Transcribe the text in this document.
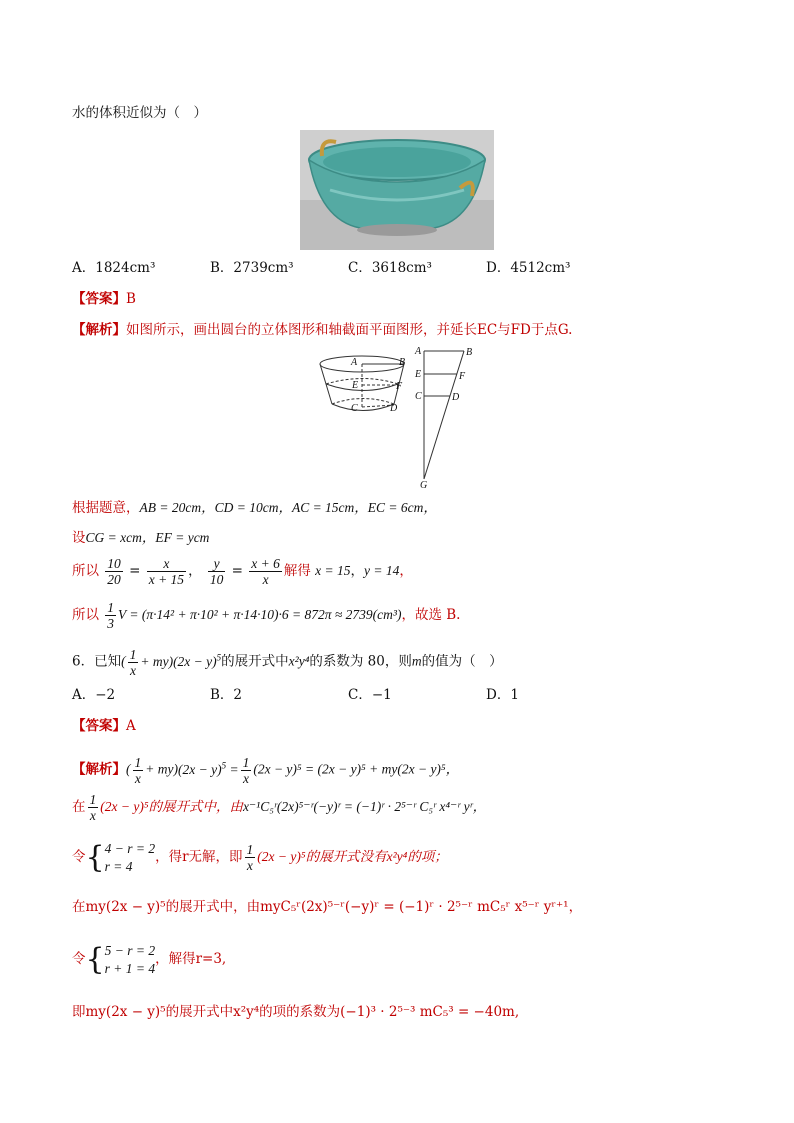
水的体积近似为（　）
A．1824cm³	B．2739cm³	C．3618cm³	D．4512cm³
【答案】B
【解析】如图所示，画出圆台的立体图形和轴截面平面图形，并延长EC与FD于点G.
A	B
E	F
C	D
A	B
E	F
C	D
G
根据题意，AB = 20cm，CD = 10cm，AC = 15cm，EC = 6cm，
设CG = xcm，EF = ycm
所以 $\frac{10}{20} = \frac{x}{x + 15}$ ， $\frac{y}{10} = \frac{x + 6}{x}$ 解得 x = 15，y = 14，
所以 $\frac{1}{3}$ V = (π·14² + π·10² + π·14·10)·6 = 872π ≈ 2739(cm³)，故选 B.
6．已知( $\frac{1}{x} + my)(2x - y)^5$的展开式中x²y⁴的系数为 80，则m的值为（　）
A．−2	B．2	C．−1	D．1
【答案】A
【解析】( $\frac{1}{x} + my)(2x - y)^5 = \frac{1}{x} (2x - y)^5 = (2x - y)^5 + my(2x - y)^5$，
在 $\frac{1}{x} (2x - y)^5$的展开式中，由x⁻¹C₅ʳ(2x)⁵⁻ʳ(−y)ʳ = (−1)ʳ · 2⁵⁻ʳ C₅ʳ x⁴⁻ʳ yʳ，
令{ 4 − r = 2
r = 4
，得r无解，即 $\frac{1}{x} (2x - y)^5$的展开式没有x²y⁴的项；
在my(2x − y)⁵的展开式中，由myC₅ʳ(2x)⁵⁻ʳ(−y)ʳ = (−1)ʳ · 2⁵⁻ʳ mC₅ʳ x⁵⁻ʳ yʳ⁺¹，
令{ 5 − r = 2
r + 1 = 4
，解得r=3,
即my(2x − y)⁵的展开式中x²y⁴的项的系数为(−1)³ · 2⁵⁻³ mC₅³ = −40m,
